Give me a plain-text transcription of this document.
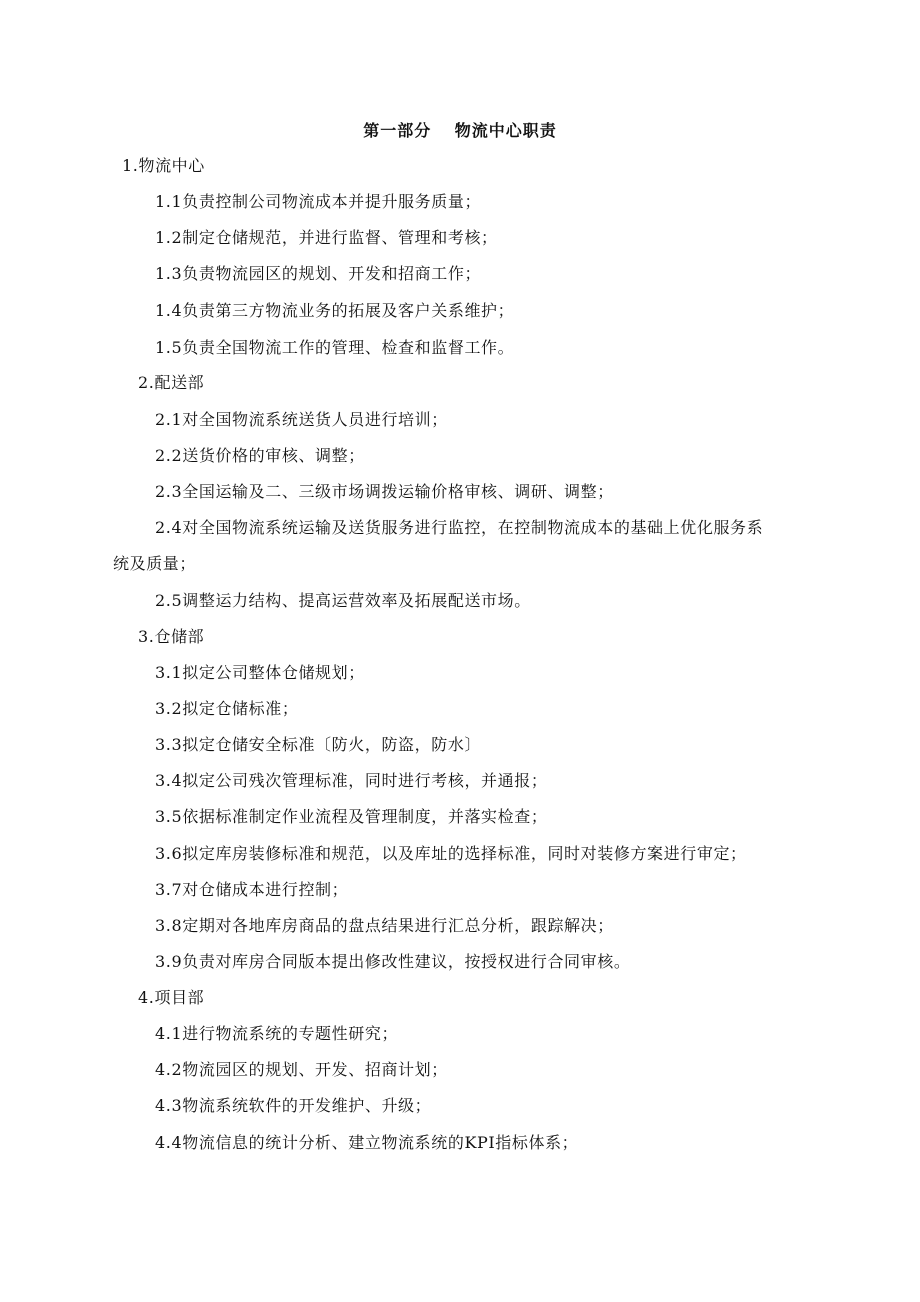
第一部分　 物流中心职责
1.物流中心
1.1负责控制公司物流成本并提升服务质量；
1.2制定仓储规范，并进行监督、管理和考核；
1.3负责物流园区的规划、开发和招商工作；
1.4负责第三方物流业务的拓展及客户关系维护；
1.5负责全国物流工作的管理、检查和监督工作。
2.配送部
2.1对全国物流系统送货人员进行培训；
2.2送货价格的审核、调整；
2.3全国运输及二、三级市场调拨运输价格审核、调研、调整；
2.4对全国物流系统运输及送货服务进行监控，在控制物流成本的基础上优化服务系
统及质量；
2.5调整运力结构、提高运营效率及拓展配送市场。
3.仓储部
3.1拟定公司整体仓储规划；
3.2拟定仓储标准；
3.3拟定仓储安全标准〔防火，防盗，防水〕
3.4拟定公司残次管理标准，同时进行考核，并通报；
3.5依据标准制定作业流程及管理制度，并落实检查；
3.6拟定库房装修标准和规范，以及库址的选择标准，同时对装修方案进行审定；
3.7对仓储成本进行控制；
3.8定期对各地库房商品的盘点结果进行汇总分析，跟踪解决；
3.9负责对库房合同版本提出修改性建议，按授权进行合同审核。
4.项目部
4.1进行物流系统的专题性研究；
4.2物流园区的规划、开发、招商计划；
4.3物流系统软件的开发维护、升级；
4.4物流信息的统计分析、建立物流系统的KPI指标体系；
